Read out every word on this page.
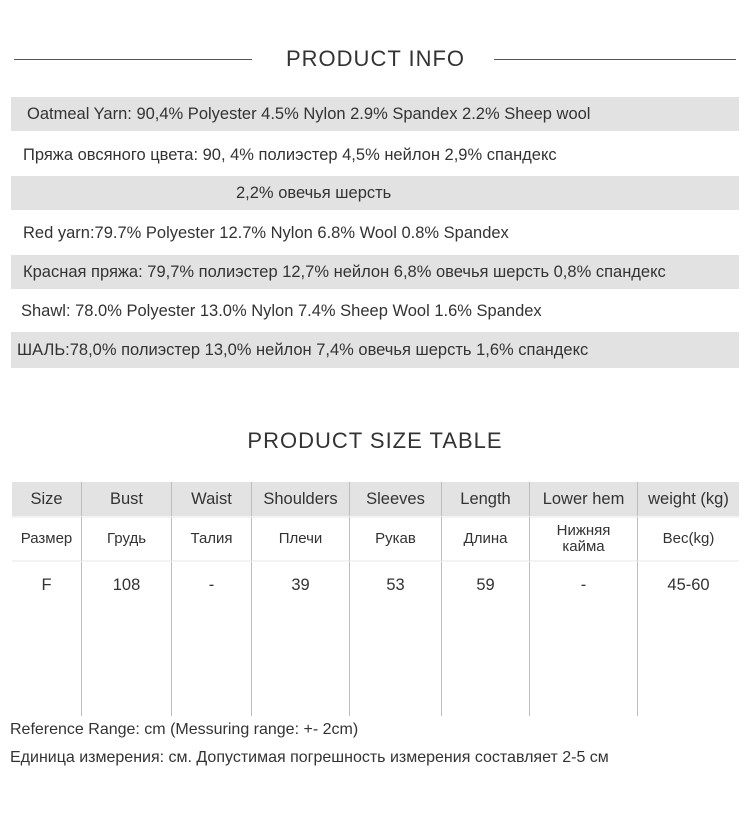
PRODUCT INFO
Oatmeal Yarn: 90,4% Polyester 4.5% Nylon 2.9% Spandex 2.2% Sheep wool
Пряжа овсяного цвета: 90, 4% полиэстер 4,5% нейлон 2,9% спандекс
2,2% овечья шерсть
Red yarn:79.7% Polyester 12.7% Nylon 6.8% Wool 0.8% Spandex
Красная пряжа: 79,7% полиэстер 12,7% нейлон 6,8% овечья шерсть 0,8% спандекс
Shawl: 78.0% Polyester 13.0% Nylon 7.4% Sheep Wool 1.6% Spandex
ШАЛЬ:78,0% полиэстер 13,0% нейлон 7,4% овечья шерсть 1,6% спандекс
PRODUCT SIZE TABLE
Size	Bust	Waist	Shoulders	Sleeves	Length	Lower hem	weight (kg)
Размер	Грудь	Талия	Плечи	Рукав	Длина	Нижняя кайма	Вес(kg)
F	108	-	39	53	59	-	45-60
Reference Range: cm (Messuring range: +- 2cm)
Единица измерения: см. Допустимая погрешность измерения составляет 2-5 см
